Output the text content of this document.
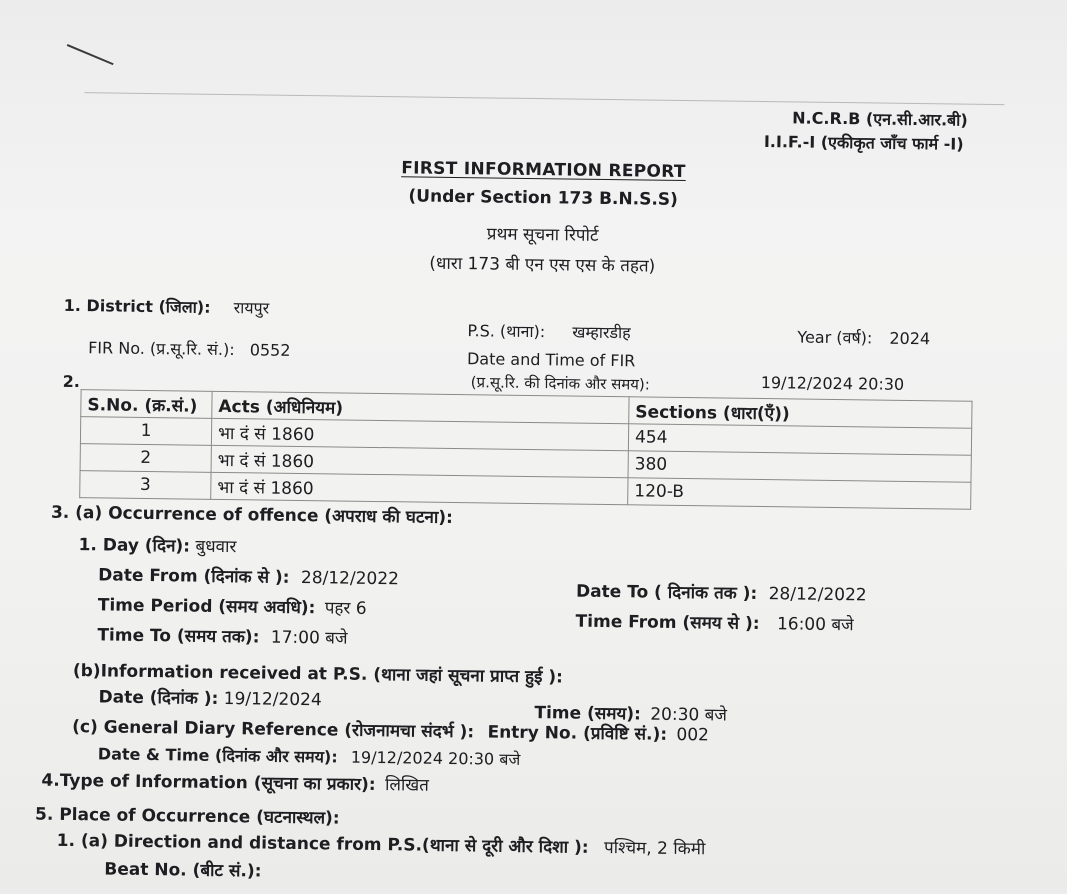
N.C.R.B (एन.सी.आर.बी)
I.I.F.-I (एकीकृत जाँच फार्म -I)
FIRST INFORMATION REPORT
(Under Section 173 B.N.S.S)
प्रथम सूचना रिपोर्ट
(धारा 173 बी एन एस एस के तहत)
1. District (जिला): रायपुर
P.S. (थाना): खम्हारडीह	Year (वर्ष): 2024
FIR No. (प्र.सू.रि. सं.): 0552	Date and Time of FIR
(प्र.सू.रि. की दिनांक और समय):	19/12/2024 20:30
2.
S.No. (क्र.सं.)	Acts (अधिनियम)	Sections (धारा(एँ))
1	भा दं सं 1860	454
2	भा दं सं 1860	380
3	भा दं सं 1860	120-B
3. (a) Occurrence of offence (अपराध की घटना):
1. Day (दिन): बुधवार
Date From (दिनांक से ): 28/12/2022
Date To ( दिनांक तक ): 28/12/2022
Time Period (समय अवधि): पहर 6
Time From (समय से ): 16:00 बजे
Time To (समय तक): 17:00 बजे
(b)Information received at P.S. (थाना जहां सूचना प्राप्त हुई ):
Date (दिनांक ): 19/12/2024
Time (समय): 20:30 बजे
(c) General Diary Reference (रोजनामचा संदर्भ ): Entry No. (प्रविष्टि सं.): 002
Date & Time (दिनांक और समय): 19/12/2024 20:30 बजे
4.Type of Information (सूचना का प्रकार): लिखित
5. Place of Occurrence (घटनास्थल):
1. (a) Direction and distance from P.S.(थाना से दूरी और दिशा ): पश्चिम, 2 किमी
Beat No. (बीट सं.):
